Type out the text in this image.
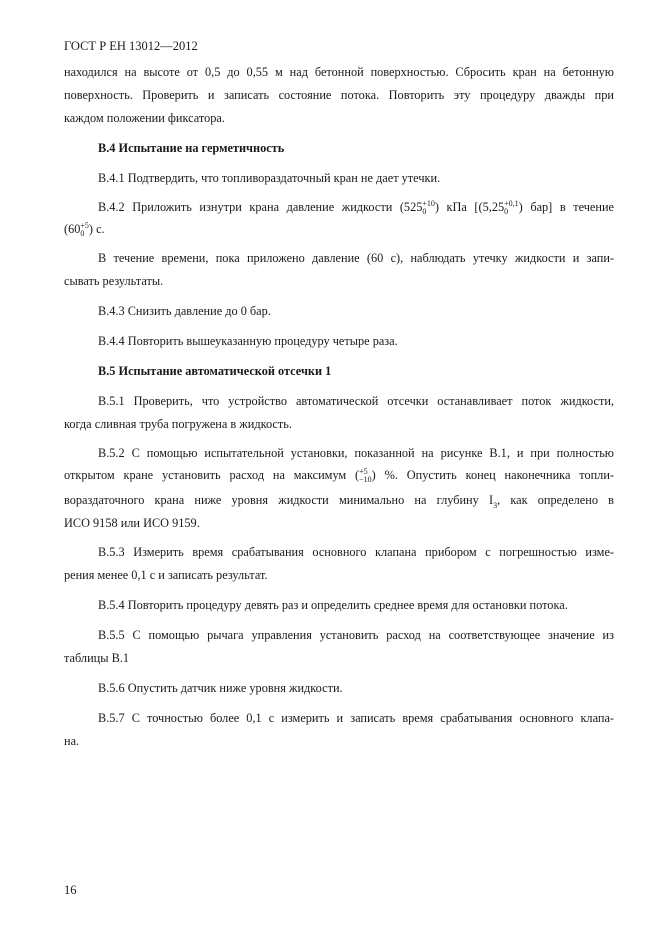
ГОСТ Р ЕН 13012—2012
находился на высоте от 0,5 до 0,55 м над бетонной поверхностью. Сбросить кран на бетонную
поверхность. Проверить и записать состояние потока. Повторить эту процедуру дважды при
каждом положении фиксатора.
В.4 Испытание на герметичность
В.4.1 Подтвердить, что топливораздаточный кран не дает утечки.
В.4.2 Приложить изнутри крана давление жидкости (525+10
0 ) кПа [(5,25+0,1
0 ) бар] в течение
(60+5
0 ) с.
В течение времени, пока приложено давление (60 с), наблюдать утечку жидкости и запи-
сывать результаты.
В.4.3 Снизить давление до 0 бар.
В.4.4 Повторить вышеуказанную процедуру четыре раза.
В.5 Испытание автоматической отсечки 1
В.5.1 Проверить, что устройство автоматической отсечки останавливает поток жидкости,
когда сливная труба погружена в жидкость.
В.5.2 С помощью испытательной установки, показанной на рисунке В.1, и при полностью
открытом кране установить расход на максимум (+5
−10) %. Опустить конец наконечника топли-
вораздаточного крана ниже уровня жидкости минимально на глубину $I_3$, как определено в
ИСО 9158 или ИСО 9159.
В.5.3 Измерить время срабатывания основного клапана прибором с погрешностью изме-
рения менее 0,1 с и записать результат.
В.5.4 Повторить процедуру девять раз и определить среднее время для остановки потока.
В.5.5 С помощью рычага управления установить расход на соответствующее значение из
таблицы В.1
В.5.6 Опустить датчик ниже уровня жидкости.
В.5.7 С точностью более 0,1 с измерить и записать время срабатывания основного клапа-
на.
16
